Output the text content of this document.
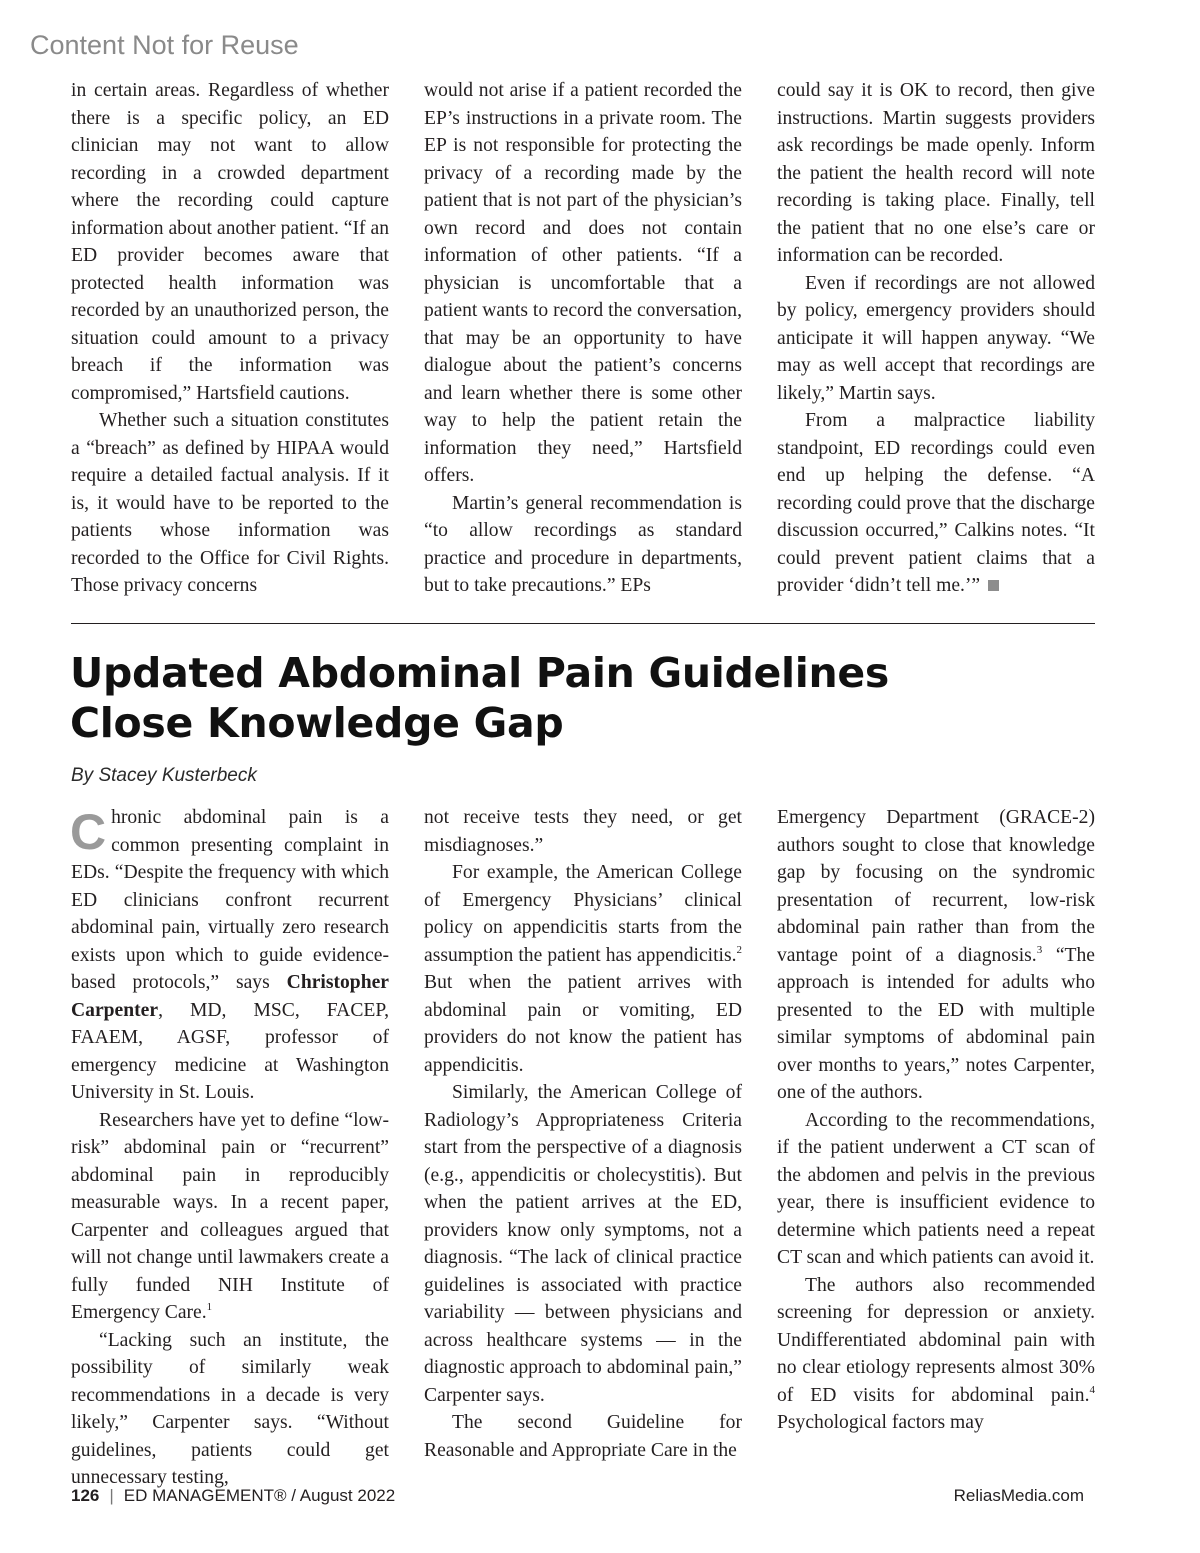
Content Not for Reuse

in certain areas. Regardless of whether there is a specific policy, an ED clinician may not want to allow recording in a crowded department where the recording could capture information about another patient. “If an ED provider becomes aware that protected health information was recorded by an unauthorized person, the situation could amount to a privacy breach if the information was compromised,” Hartsfield cautions.

Whether such a situation constitutes a “breach” as defined by HIPAA would require a detailed factual analysis. If it is, it would have to be reported to the patients whose information was recorded to the Office for Civil Rights. Those privacy concerns

would not arise if a patient recorded the EP’s instructions in a private room. The EP is not responsible for protecting the privacy of a recording made by the patient that is not part of the physician’s own record and does not contain information of other patients. “If a physician is uncomfortable that a patient wants to record the conversation, that may be an opportunity to have dialogue about the patient’s concerns and learn whether there is some other way to help the patient retain the information they need,” Hartsfield offers.

Martin’s general recommendation is “to allow recordings as standard practice and procedure in departments, but to take precautions.” EPs

could say it is OK to record, then give instructions. Martin suggests providers ask recordings be made openly. Inform the patient the health record will note recording is taking place. Finally, tell the patient that no one else’s care or information can be recorded.

Even if recordings are not allowed by policy, emergency providers should anticipate it will happen anyway. “We may as well accept that recordings are likely,” Martin says.

From a malpractice liability standpoint, ED recordings could even end up helping the defense. “A recording could prove that the discharge discussion occurred,” Calkins notes. “It could prevent patient claims that a provider ‘didn’t tell me.’”

Updated Abdominal Pain Guidelines
Close Knowledge Gap
By Stacey Kusterbeck

Chronic abdominal pain is a common presenting complaint in EDs. “Despite the frequency with which ED clinicians confront recurrent abdominal pain, virtually zero research exists upon which to guide evidence-based protocols,” says Christopher Carpenter, MD, MSC, FACEP, FAAEM, AGSF, professor of emergency medicine at Washington University in St. Louis.

Researchers have yet to define “low-risk” abdominal pain or “recurrent” abdominal pain in reproducibly measurable ways. In a recent paper, Carpenter and colleagues argued that will not change until lawmakers create a fully funded NIH Institute of Emergency Care.$^1$

“Lacking such an institute, the possibility of similarly weak recommendations in a decade is very likely,” Carpenter says. “Without guidelines, patients could get unnecessary testing,

not receive tests they need, or get misdiagnoses.”

For example, the American College of Emergency Physicians’ clinical policy on appendicitis starts from the assumption the patient has appendicitis.$^2$ But when the patient arrives with abdominal pain or vomiting, ED providers do not know the patient has appendicitis.

Similarly, the American College of Radiology’s Appropriateness Criteria start from the perspective of a diagnosis (e.g., appendicitis or cholecystitis). But when the patient arrives at the ED, providers know only symptoms, not a diagnosis. “The lack of clinical practice guidelines is associated with practice variability — between physicians and across healthcare systems — in the diagnostic approach to abdominal pain,” Carpenter says.

The second Guideline for Reasonable and Appropriate Care in the

Emergency Department (GRACE-2) authors sought to close that knowledge gap by focusing on the syndromic presentation of recurrent, low-risk abdominal pain rather than from the vantage point of a diagnosis.$^3$ “The approach is intended for adults who presented to the ED with multiple similar symptoms of abdominal pain over months to years,” notes Carpenter, one of the authors.

According to the recommendations, if the patient underwent a CT scan of the abdomen and pelvis in the previous year, there is insufficient evidence to determine which patients need a repeat CT scan and which patients can avoid it.

The authors also recommended screening for depression or anxiety. Undifferentiated abdominal pain with no clear etiology represents almost 30% of ED visits for abdominal pain.$^4$ Psychological factors may

126 | ED MANAGEMENT® / August 2022	ReliasMedia.com
